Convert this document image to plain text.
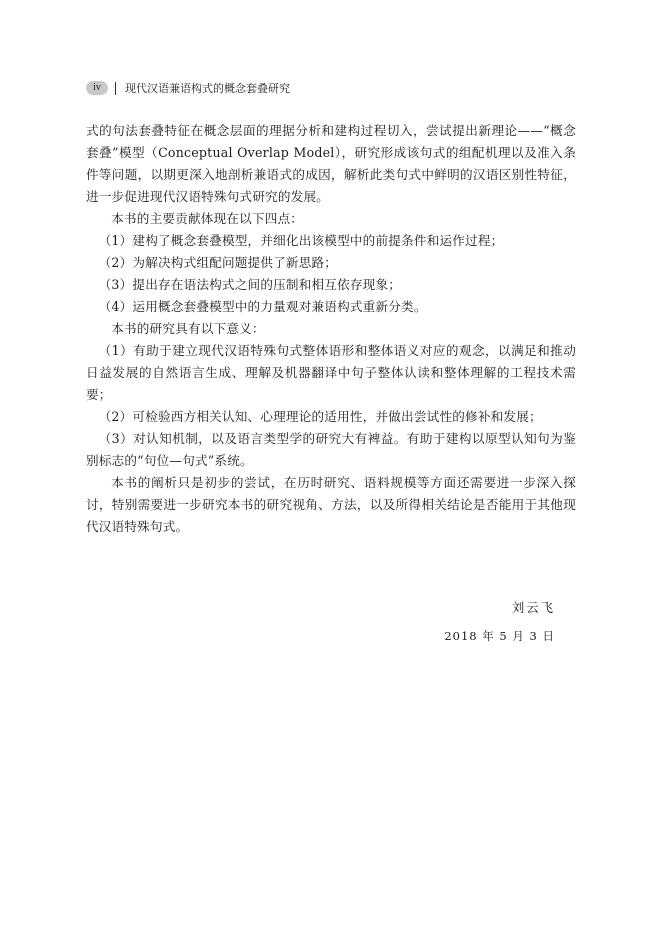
iv	现代汉语兼语构式的概念套叠研究

式的句法套叠特征在概念层面的理据分析和建构过程切入，尝试提出新理论——“概念套叠”模型（Conceptual Overlap Model），研究形成该句式的组配机理以及准入条件等问题，以期更深入地剖析兼语式的成因，解析此类句式中鲜明的汉语区别性特征，进一步促进现代汉语特殊句式研究的发展。

本书的主要贡献体现在以下四点：

（1）建构了概念套叠模型，并细化出该模型中的前提条件和运作过程；

（2）为解决构式组配问题提供了新思路；

（3）提出存在语法构式之间的压制和相互依存现象；

（4）运用概念套叠模型中的力量观对兼语构式重新分类。

本书的研究具有以下意义：

（1）有助于建立现代汉语特殊句式整体语形和整体语义对应的观念，以满足和推动日益发展的自然语言生成、理解及机器翻译中句子整体认读和整体理解的工程技术需要；

（2）可检验西方相关认知、心理理论的适用性，并做出尝试性的修补和发展；

（3）对认知机制，以及语言类型学的研究大有裨益。有助于建构以原型认知句为鉴别标志的“句位—句式”系统。

本书的阐析只是初步的尝试，在历时研究、语料规模等方面还需要进一步深入探讨，特别需要进一步研究本书的研究视角、方法，以及所得相关结论是否能用于其他现代汉语特殊句式。

刘云飞
2018 年 5 月 3 日
